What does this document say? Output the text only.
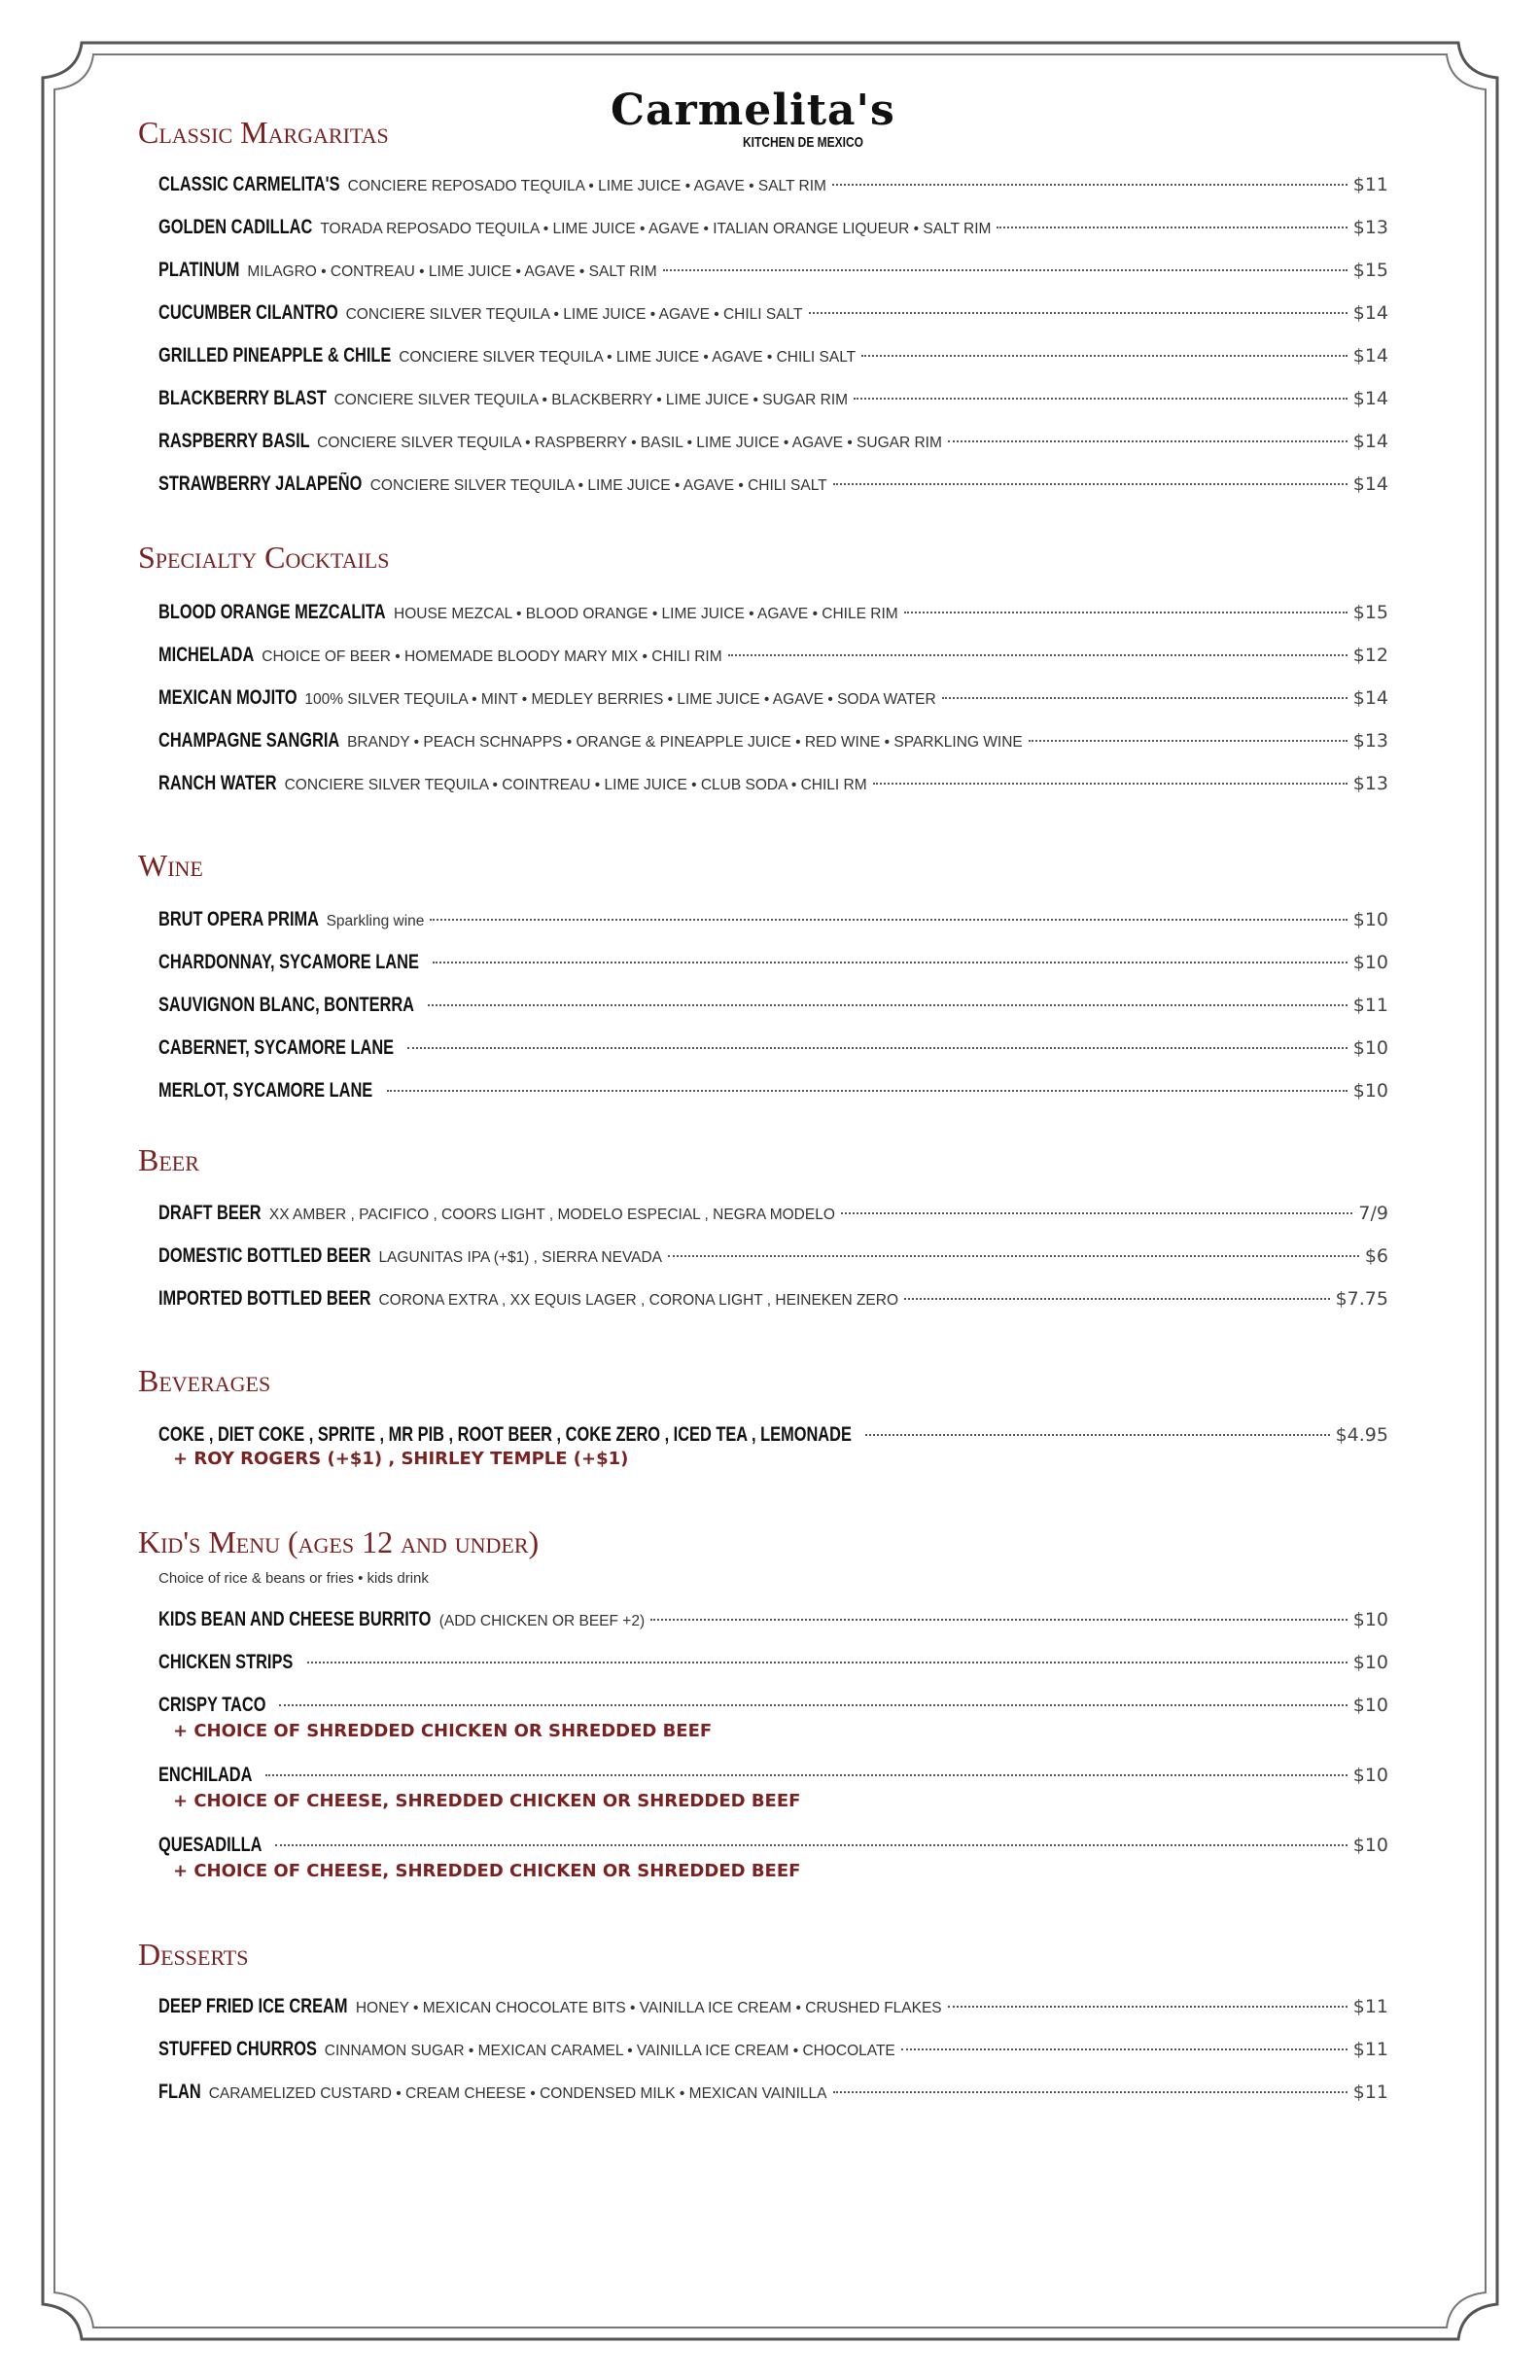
Carmelita's
KITCHEN DE MEXICO
Classic Margaritas
CLASSIC CARMELITA'S CONCIERE REPOSADO TEQUILA • LIME JUICE • AGAVE • SALT RIM	$11
GOLDEN CADILLAC TORADA REPOSADO TEQUILA • LIME JUICE • AGAVE • ITALIAN ORANGE LIQUEUR • SALT RIM	$13
PLATINUM MILAGRO • CONTREAU • LIME JUICE • AGAVE • SALT RIM	$15
CUCUMBER CILANTRO CONCIERE SILVER TEQUILA • LIME JUICE • AGAVE • CHILI SALT	$14
GRILLED PINEAPPLE & CHILE CONCIERE SILVER TEQUILA • LIME JUICE • AGAVE • CHILI SALT	$14
BLACKBERRY BLAST CONCIERE SILVER TEQUILA • BLACKBERRY • LIME JUICE • SUGAR RIM	$14
RASPBERRY BASIL CONCIERE SILVER TEQUILA • RASPBERRY • BASIL • LIME JUICE • AGAVE • SUGAR RIM	$14
STRAWBERRY JALAPEÑO CONCIERE SILVER TEQUILA • LIME JUICE • AGAVE • CHILI SALT	$14
Specialty Cocktails
BLOOD ORANGE MEZCALITA HOUSE MEZCAL • BLOOD ORANGE • LIME JUICE • AGAVE • CHILE RIM	$15
MICHELADA CHOICE OF BEER • HOMEMADE BLOODY MARY MIX • CHILI RIM	$12
MEXICAN MOJITO 100% SILVER TEQUILA • MINT • MEDLEY BERRIES • LIME JUICE • AGAVE • SODA WATER	$14
CHAMPAGNE SANGRIA BRANDY • PEACH SCHNAPPS • ORANGE & PINEAPPLE JUICE • RED WINE • SPARKLING WINE	$13
RANCH WATER CONCIERE SILVER TEQUILA • COINTREAU • LIME JUICE • CLUB SODA • CHILI RM	$13
Wine
BRUT OPERA PRIMA Sparkling wine	$10
CHARDONNAY, SYCAMORE LANE	$10
SAUVIGNON BLANC, BONTERRA	$11
CABERNET, SYCAMORE LANE	$10
MERLOT, SYCAMORE LANE	$10
Beer
DRAFT BEER XX AMBER , PACIFICO , COORS LIGHT , MODELO ESPECIAL , NEGRA MODELO	7/9
DOMESTIC BOTTLED BEER LAGUNITAS IPA (+$1) , SIERRA NEVADA	$6
IMPORTED BOTTLED BEER CORONA EXTRA , XX EQUIS LAGER , CORONA LIGHT , HEINEKEN ZERO	$7.75
Beverages
COKE , DIET COKE , SPRITE , MR PIB , ROOT BEER , COKE ZERO , ICED TEA , LEMONADE	$4.95

+ ROY ROGERS (+$1) , SHIRLEY TEMPLE (+$1)

Kid's Menu (ages 12 and under)

Choice of rice & beans or fries • kids drink

KIDS BEAN AND CHEESE BURRITO (ADD CHICKEN OR BEEF +2)	$10
CHICKEN STRIPS	$10
CRISPY TACO	$10

+ CHOICE OF SHREDDED CHICKEN OR SHREDDED BEEF

ENCHILADA	$10

+ CHOICE OF CHEESE, SHREDDED CHICKEN OR SHREDDED BEEF

QUESADILLA	$10

+ CHOICE OF CHEESE, SHREDDED CHICKEN OR SHREDDED BEEF

Desserts
DEEP FRIED ICE CREAM HONEY • MEXICAN CHOCOLATE BITS • VAINILLA ICE CREAM • CRUSHED FLAKES	$11
STUFFED CHURROS CINNAMON SUGAR • MEXICAN CARAMEL • VAINILLA ICE CREAM • CHOCOLATE	$11
FLAN CARAMELIZED CUSTARD • CREAM CHEESE • CONDENSED MILK • MEXICAN VAINILLA	$11
